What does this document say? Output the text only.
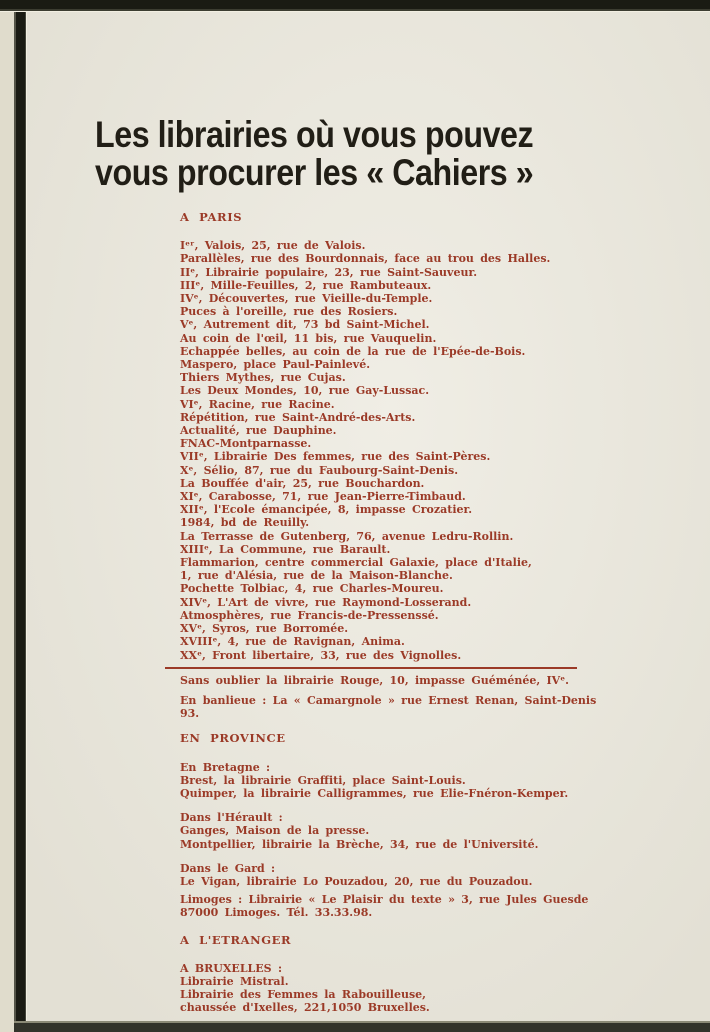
Les librairies où vous pouvez
vous procurer les « Cahiers »
A PARIS
Iᵉʳ, Valois, 25, rue de Valois.
Parallèles, rue des Bourdonnais, face au trou des Halles.
IIᵉ, Librairie populaire, 23, rue Saint-Sauveur.
IIIᵉ, Mille-Feuilles, 2, rue Rambuteaux.
IVᵉ, Découvertes, rue Vieille-du-Temple.
Puces à l'oreille, rue des Rosiers.
Vᵉ, Autrement dit, 73 bd Saint-Michel.
Au coin de l'œil, 11 bis, rue Vauquelin.
Echappée belles, au coin de la rue de l'Epée-de-Bois.
Maspero, place Paul-Painlevé.
Thiers Mythes, rue Cujas.
Les Deux Mondes, 10, rue Gay-Lussac.
VIᵉ, Racine, rue Racine.
Répétition, rue Saint-André-des-Arts.
Actualité, rue Dauphine.
FNAC-Montparnasse.
VIIᵉ, Librairie Des femmes, rue des Saint-Pères.
Xᵉ, Sélio, 87, rue du Faubourg-Saint-Denis.
La Bouffée d'air, 25, rue Bouchardon.
XIᵉ, Carabosse, 71, rue Jean-Pierre-Timbaud.
XIIᵉ, l'Ecole émancipée, 8, impasse Crozatier.
1984, bd de Reuilly.
La Terrasse de Gutenberg, 76, avenue Ledru-Rollin.
XIIIᵉ, La Commune, rue Barault.
Flammarion, centre commercial Galaxie, place d'Italie,
1, rue d'Alésia, rue de la Maison-Blanche.
Pochette Tolbiac, 4, rue Charles-Moureu.
XIVᵉ, L'Art de vivre, rue Raymond-Losserand.
Atmosphères, rue Francis-de-Pressenssé.
XVᵉ, Syros, rue Borromée.
XVIIIᵉ, 4, rue de Ravignan, Anima.
XXᵉ, Front libertaire, 33, rue des Vignolles.
Sans oublier la librairie Rouge, 10, impasse Guéménée, IVᵉ.
En banlieue : La « Camargnole » rue Ernest Renan, Saint-Denis
93.
EN PROVINCE
En Bretagne :
Brest, la librairie Graffiti, place Saint-Louis.
Quimper, la librairie Calligrammes, rue Elie-Fnéron-Kemper.
Dans l'Hérault :
Ganges, Maison de la presse.
Montpellier, librairie la Brèche, 34, rue de l'Université.
Dans le Gard :
Le Vigan, librairie Lo Pouzadou, 20, rue du Pouzadou.
Limoges : Librairie « Le Plaisir du texte » 3, rue Jules Guesde
87000 Limoges. Tél. 33.33.98.
A L'ETRANGER
A BRUXELLES :
Librairie Mistral.
Librairie des Femmes la Rabouilleuse,
chaussée d'Ixelles, 221,1050 Bruxelles.
